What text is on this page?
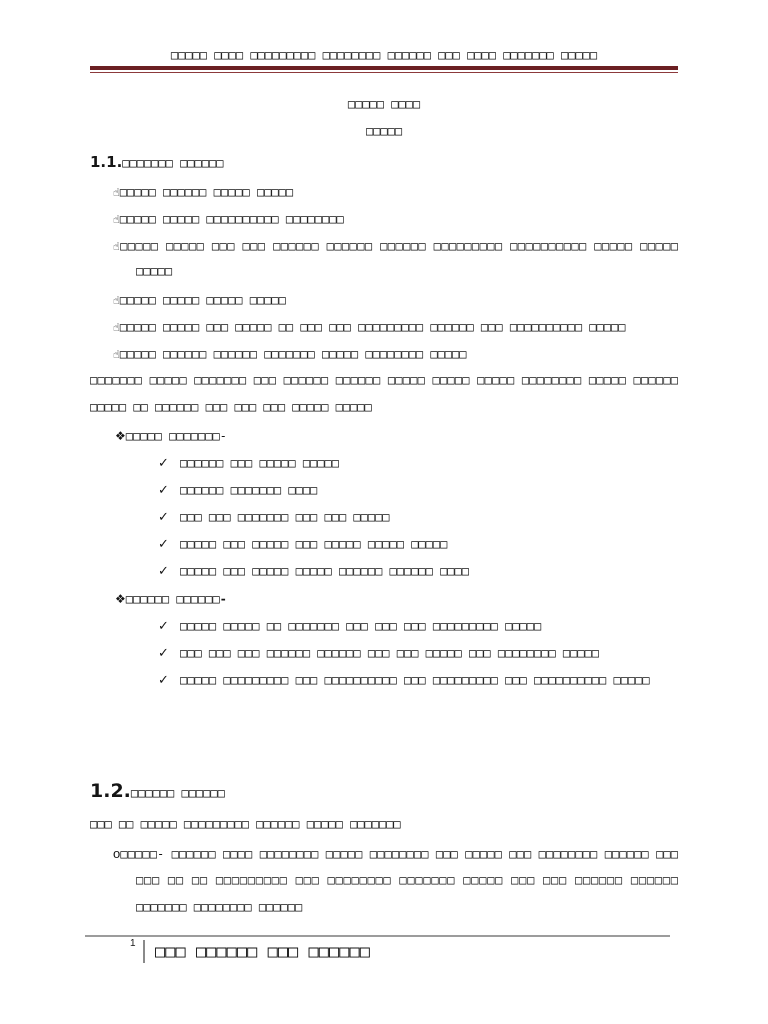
□□□□□ □□□□ □□□□□□□□□ □□□□□□□□ □□□□□□ □□□ □□□□ □□□□□□□ □□□□□
□□□□□ □□□□
□□□□□
1.1.□□□□□□□ □□□□□□
☝□□□□□ □□□□□□ □□□□□ □□□□□
☝□□□□□ □□□□□ □□□□□□□□□□ □□□□□□□□
☝□□□□□ □□□□□ □□□ □□□ □□□□□□ □□□□□□ □□□□□□ □□□□□□□□□ □□□□□□□□□□ □□□□□ □□□□□
□□□□□
☝□□□□□ □□□□□ □□□□□ □□□□□
☝□□□□□ □□□□□ □□□ □□□□□ □□ □□□ □□□ □□□□□□□□□ □□□□□□ □□□ □□□□□□□□□□ □□□□□
☝□□□□□ □□□□□□ □□□□□□ □□□□□□□ □□□□□ □□□□□□□□ □□□□□
□□□□□□□ □□□□□ □□□□□□□ □□□ □□□□□□ □□□□□□ □□□□□ □□□□□ □□□□□ □□□□□□□□ □□□□□ □□□□□□
□□□□□ □□ □□□□□□ □□□ □□□ □□□ □□□□□ □□□□□
❖□□□□□ □□□□□□□-
✓ □□□□□□ □□□ □□□□□ □□□□□
✓ □□□□□□ □□□□□□□ □□□□
✓ □□□ □□□ □□□□□□□ □□□ □□□ □□□□□
✓ □□□□□ □□□ □□□□□ □□□ □□□□□ □□□□□ □□□□□
✓ □□□□□ □□□ □□□□□ □□□□□ □□□□□□ □□□□□□ □□□□
❖□□□□□□ □□□□□□-
✓ □□□□□ □□□□□ □□ □□□□□□□ □□□ □□□ □□□ □□□□□□□□□ □□□□□
✓ □□□ □□□ □□□ □□□□□□ □□□□□□ □□□ □□□ □□□□□ □□□ □□□□□□□□ □□□□□
✓ □□□□□ □□□□□□□□□ □□□ □□□□□□□□□□ □□□ □□□□□□□□□ □□□ □□□□□□□□□□ □□□□□
1.2.□□□□□□ □□□□□□
□□□ □□ □□□□□ □□□□□□□□□ □□□□□□ □□□□□ □□□□□□□
o□□□□□- □□□□□□ □□□□ □□□□□□□□ □□□□□ □□□□□□□□ □□□ □□□□□ □□□ □□□□□□□□ □□□□□□ □□□
□□□ □□ □□ □□□□□□□□□ □□□ □□□□□□□□ □□□□□□□ □□□□□ □□□ □□□ □□□□□□ □□□□□□
□□□□□□□ □□□□□□□□ □□□□□□
1 □□□ □□□□□□ □□□ □□□□□□
